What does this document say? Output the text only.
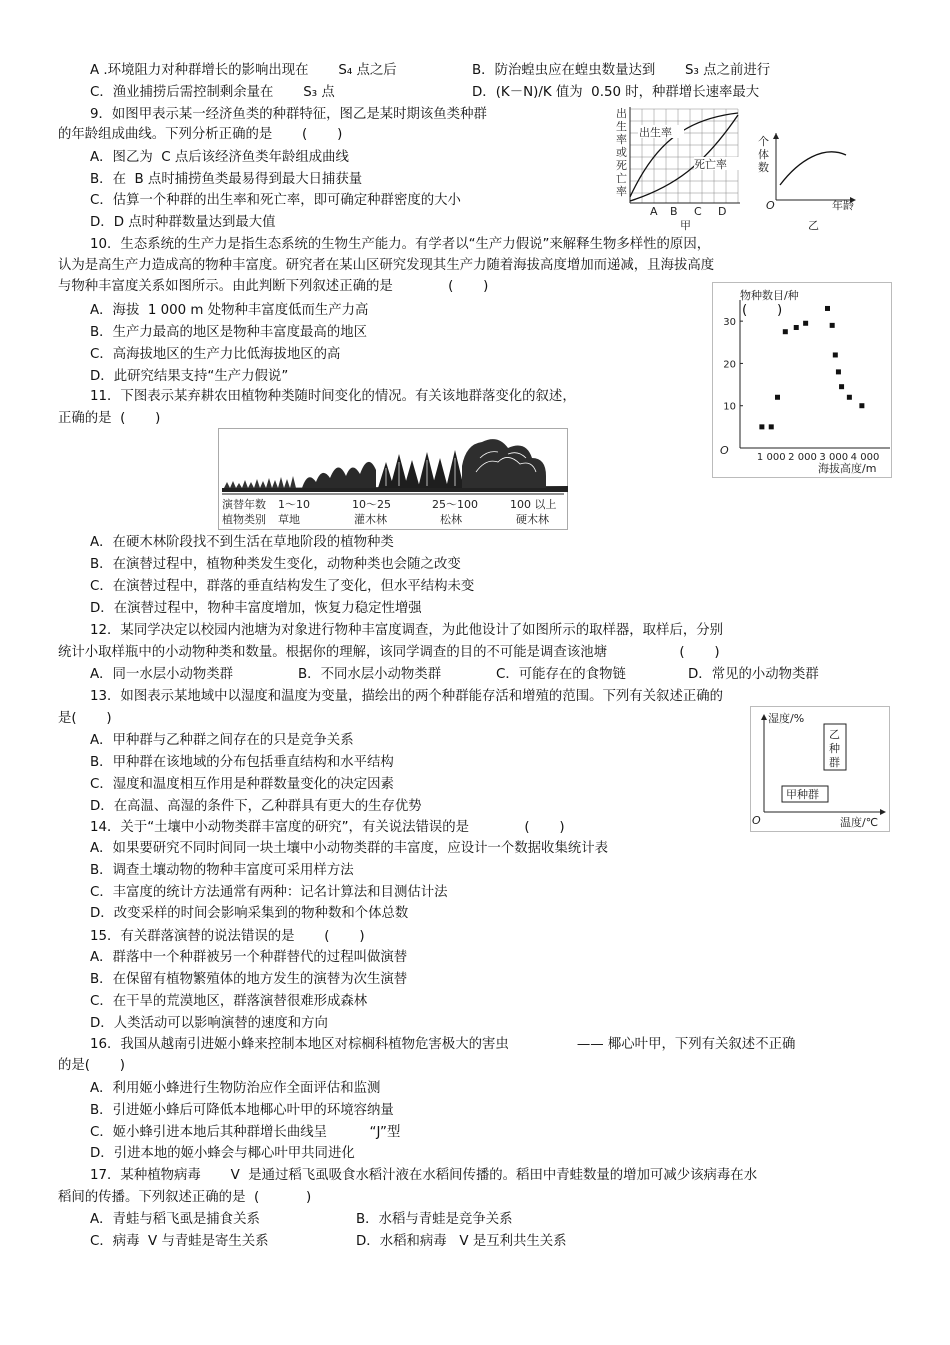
A .环境阻力对种群增长的影响出现在       S₄ 点之后	B．防治蝗虫应在蝗虫数量达到       S₃ 点之前进行
C．渔业捕捞后需控制剩余量在       S₃ 点	D．(K－N)/K 值为  0.50 时，种群增长速率最大
9．如图甲表示某一经济鱼类的种群特征，图乙是某时期该鱼类种群
的年龄组成曲线。下列分析正确的是       (       )
A．图乙为  C 点后该经济鱼类年龄组成曲线
B．在  B 点时捕捞鱼类最易得到最大日捕获量
C．估算一个种群的出生率和死亡率，即可确定种群密度的大小
D．D 点时种群数量达到最大值
出
生
率
或
死
亡
率
出生率
死亡率
A B C D
甲
个
体
数
O	年龄
乙
10．生态系统的生产力是指生态系统的生物生产能力。有学者以“生产力假说”来解释生物多样性的原因，
认为是高生产力造成高的物种丰富度。研究者在某山区研究发现其生产力随着海拔高度增加而递减，且海拔高度
与物种丰富度关系如图所示。由此判断下列叙述正确的是             (       )
A．海拔  1 000 m 处物种丰富度低而生产力高	(       )
B．生产力最高的地区是物种丰富度最高的地区
C．高海拔地区的生产力比低海拔地区的高
D．此研究结果支持“生产力假说”
物种数目/种
海拔高度/m
O
1 000 2 000 3 000 4 000
10
20
30
11．下图表示某弃耕农田植物种类随时间变化的情况。有关该地群落变化的叙述，
正确的是  (       )
演替年数
植物类别
1～10
草地
10～25
灌木林
25～100
松林
100 以上
硬木林
A．在硬木林阶段找不到生活在草地阶段的植物种类
B．在演替过程中，植物种类发生变化，动物种类也会随之改变
C．在演替过程中，群落的垂直结构发生了变化，但水平结构未变
D．在演替过程中，物种丰富度增加，恢复力稳定性增强
12．某同学决定以校园内池塘为对象进行物种丰富度调查，为此他设计了如图所示的取样器，取样后，分别
统计小取样瓶中的小动物种类和数量。根据你的理解，该同学调查的目的不可能是调查该池塘                 (       )
A．同一水层小动物类群	B．不同水层小动物类群	C．可能存在的食物链	D．常见的小动物类群
13．如图表示某地域中以湿度和温度为变量，描绘出的两个种群能存活和增殖的范围。下列有关叙述正确的
是(       )
A．甲种群与乙种群之间存在的只是竞争关系
B．甲种群在该地域的分布包括垂直结构和水平结构
C．湿度和温度相互作用是种群数量变化的决定因素
D．在高温、高湿的条件下，乙种群具有更大的生存优势
湿度/%
温度/℃
O
乙
种
群
甲种群
14．关于“土壤中小动物类群丰富度的研究”，有关说法错误的是             (       )
A．如果要研究不同时间同一块土壤中小动物类群的丰富度，应设计一个数据收集统计表
B．调查土壤动物的物种丰富度可采用样方法
C．丰富度的统计方法通常有两种：记名计算法和目测估计法
D．改变采样的时间会影响采集到的物种数和个体总数
15．有关群落演替的说法错误的是       (       )
A．群落中一个种群被另一个种群替代的过程叫做演替
B．在保留有植物繁殖体的地方发生的演替为次生演替
C．在干旱的荒漠地区，群落演替很难形成森林
D．人类活动可以影响演替的速度和方向
16．我国从越南引进姬小蜂来控制本地区对棕榈科植物危害极大的害虫                —— 椰心叶甲，下列有关叙述不正确
的是(       )
A．利用姬小蜂进行生物防治应作全面评估和监测
B．引进姬小蜂后可降低本地椰心叶甲的环境容纳量
C．姬小蜂引进本地后其种群增长曲线呈          “J”型
D．引进本地的姬小蜂会与椰心叶甲共同进化
17．某种植物病毒       V  是通过稻飞虱吸食水稻汁液在水稻间传播的。稻田中青蛙数量的增加可减少该病毒在水
稻间的传播。下列叙述正确的是  (           )
A．青蛙与稻飞虱是捕食关系	B．水稻与青蛙是竞争关系
C．病毒  V 与青蛙是寄生关系	D．水稻和病毒   V 是互利共生关系
